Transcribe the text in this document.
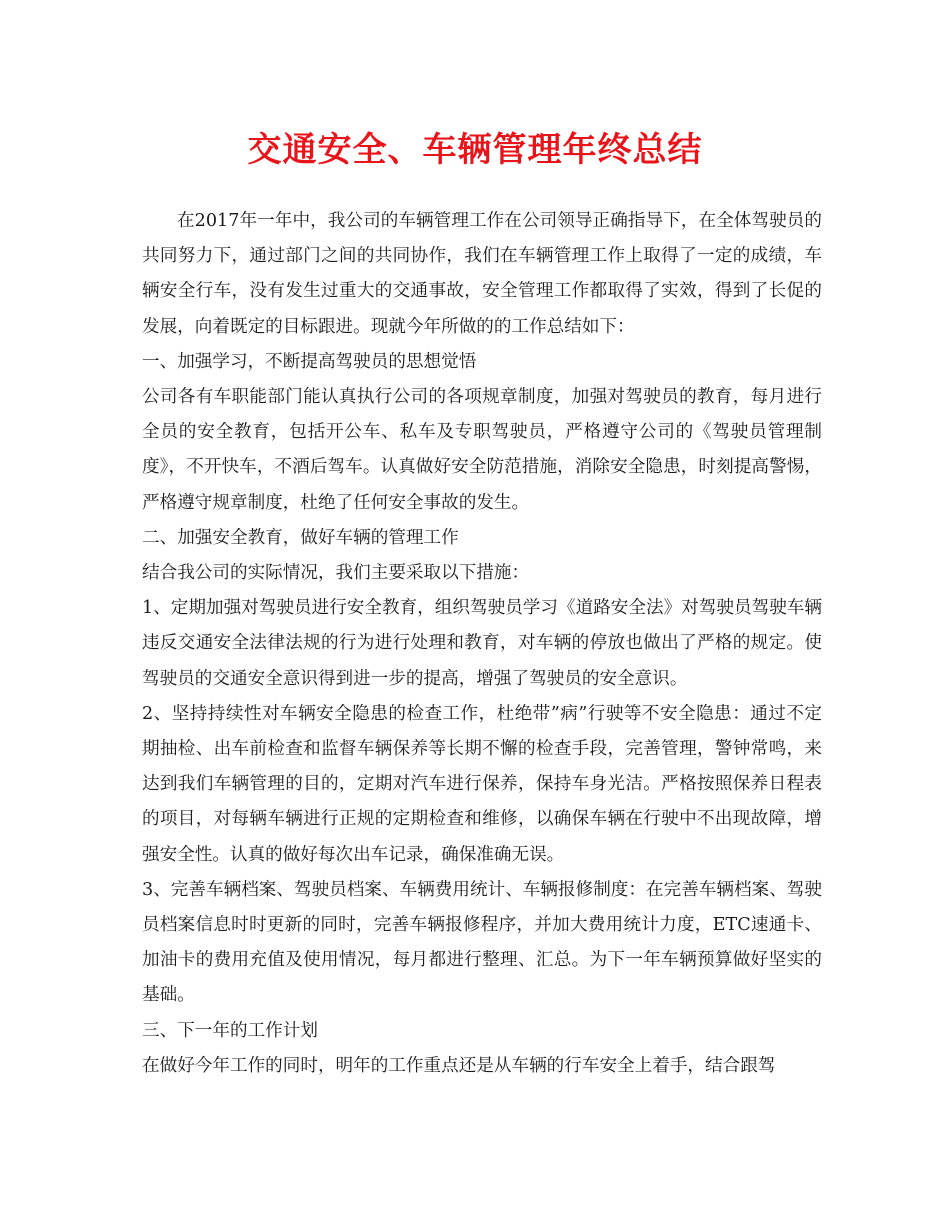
交通安全、车辆管理年终总结

在2017年一年中，我公司的车辆管理工作在公司领导正确指导下，在全体驾驶员的共同努力下，通过部门之间的共同协作，我们在车辆管理工作上取得了一定的成绩，车辆安全行车，没有发生过重大的交通事故，安全管理工作都取得了实效，得到了长促的发展，向着既定的目标跟进。现就今年所做的的工作总结如下：

一、加强学习，不断提高驾驶员的思想觉悟

公司各有车职能部门能认真执行公司的各项规章制度，加强对驾驶员的教育，每月进行全员的安全教育，包括开公车、私车及专职驾驶员，严格遵守公司的《驾驶员管理制度》，不开快车，不酒后驾车。认真做好安全防范措施，消除安全隐患，时刻提高警惕，严格遵守规章制度，杜绝了任何安全事故的发生。

二、加强安全教育，做好车辆的管理工作

结合我公司的实际情况，我们主要采取以下措施：

1、定期加强对驾驶员进行安全教育，组织驾驶员学习《道路安全法》对驾驶员驾驶车辆违反交通安全法律法规的行为进行处理和教育，对车辆的停放也做出了严格的规定。使驾驶员的交通安全意识得到进一步的提高，增强了驾驶员的安全意识。

2、坚持持续性对车辆安全隐患的检查工作，杜绝带”病”行驶等不安全隐患：通过不定期抽检、出车前检查和监督车辆保养等长期不懈的检查手段，完善管理，警钟常鸣，来达到我们车辆管理的目的，定期对汽车进行保养，保持车身光洁。严格按照保养日程表的项目，对每辆车辆进行正规的定期检查和维修，以确保车辆在行驶中不出现故障，增强安全性。认真的做好每次出车记录，确保准确无误。

3、完善车辆档案、驾驶员档案、车辆费用统计、车辆报修制度：在完善车辆档案、驾驶员档案信息时时更新的同时，完善车辆报修程序，并加大费用统计力度，ETC速通卡、加油卡的费用充值及使用情况，每月都进行整理、汇总。为下一年车辆预算做好坚实的基础。

三、下一年的工作计划

在做好今年工作的同时，明年的工作重点还是从车辆的行车安全上着手，结合跟驾
